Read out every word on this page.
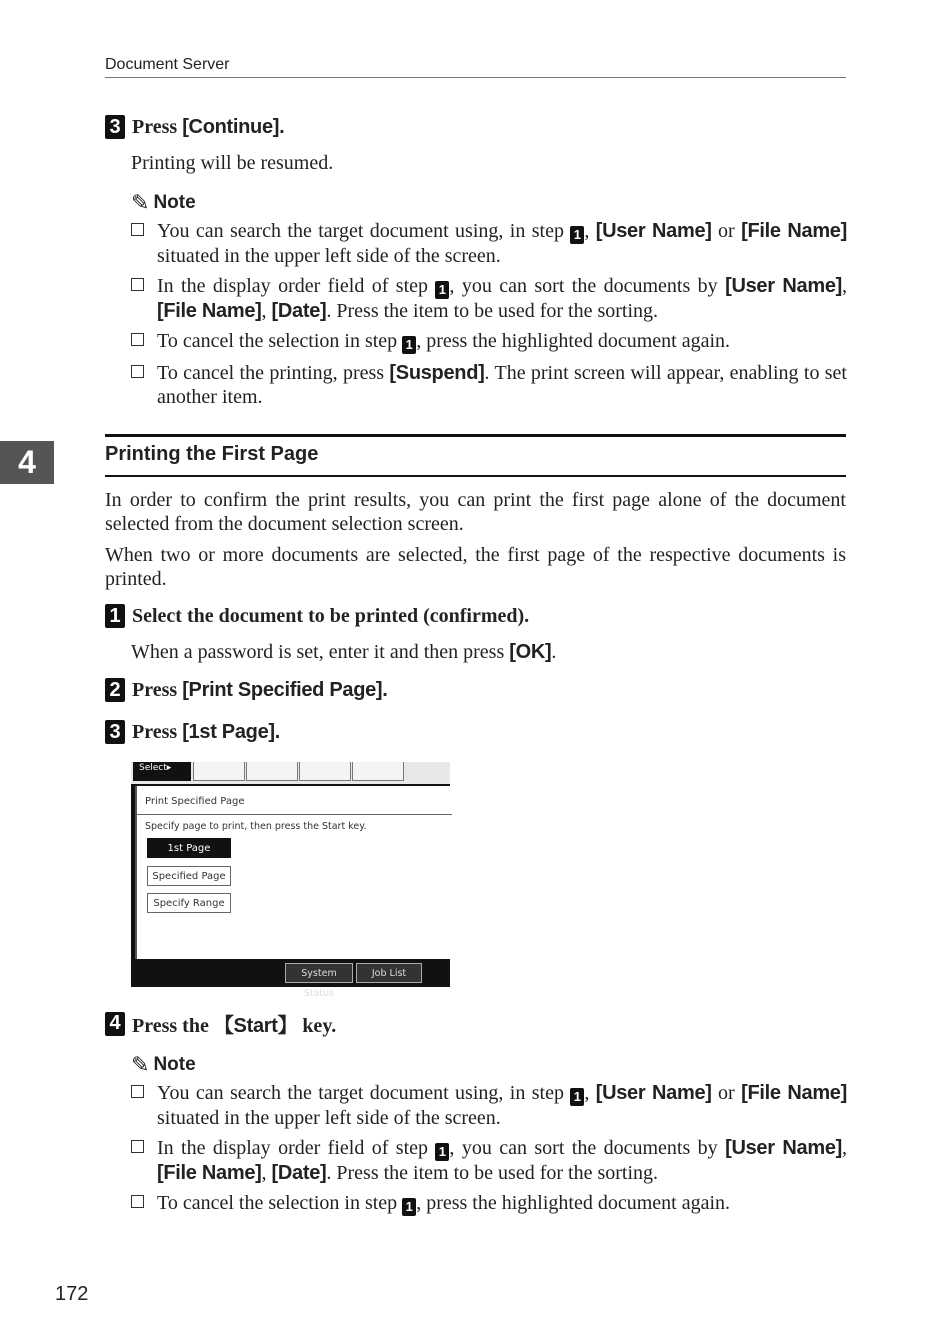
Document Server
4
3 Press [Continue].
Printing will be resumed.
✎ Note
You can search the target document using, in step 1 , [User Name] or [File Name] situated in the upper left side of the screen.
In the display order field of step 1 , you can sort the documents by [User Name], [File Name], [Date]. Press the item to be used for the sorting.
To cancel the selection in step 1 , press the highlighted document again.
To cancel the printing, press [Suspend]. The print screen will appear, enabling to set another item.
Printing the First Page
In order to confirm the print results, you can print the first page alone of the document selected from the document selection screen.
When two or more documents are selected, the first page of the respective documents is printed.
1 Select the document to be printed (confirmed).
When a password is set, enter it and then press [OK].
2 Press [Print Specified Page].
3 Press [1st Page].
Select▸
Print Specified Page
Specify page to print, then press the Start key.
1st Page
Specified Page
Specify Range
System Status
Job List
4 Press the 【Start】 key.
✎ Note
You can search the target document using, in step 1 , [User Name] or [File Name] situated in the upper left side of the screen.
In the display order field of step 1 , you can sort the documents by [User Name], [File Name], [Date]. Press the item to be used for the sorting.
To cancel the selection in step 1 , press the highlighted document again.
172
